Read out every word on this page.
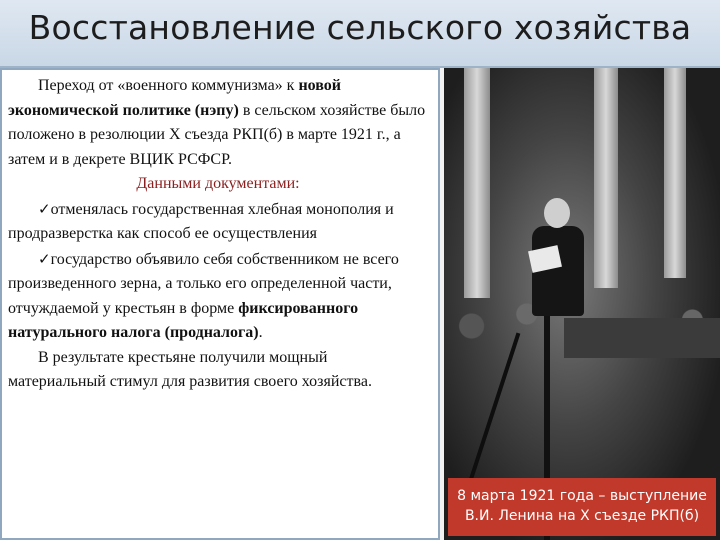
Восстановление сельского хозяйства

Переход от «военного коммунизма» к новой экономической политике (нэпу) в сельском хозяйстве было положено в резолюции X съезда РКП(б) в марте 1921 г., а затем и в декрете ВЦИК РСФСР.

Данными документами:

✓отменялась государственная хлебная монополия и продразверстка как способ ее осуществления

✓государство объявило себя собственником не всего произведенного зерна, а только его определенной части, отчуждаемой у крестьян в форме фиксированного натурального налога (продналога).

В результате крестьяне получили мощный материальный стимул для развития своего хозяйства.

8 марта 1921 года – выступление
В.И. Ленина на X съезде РКП(б)
